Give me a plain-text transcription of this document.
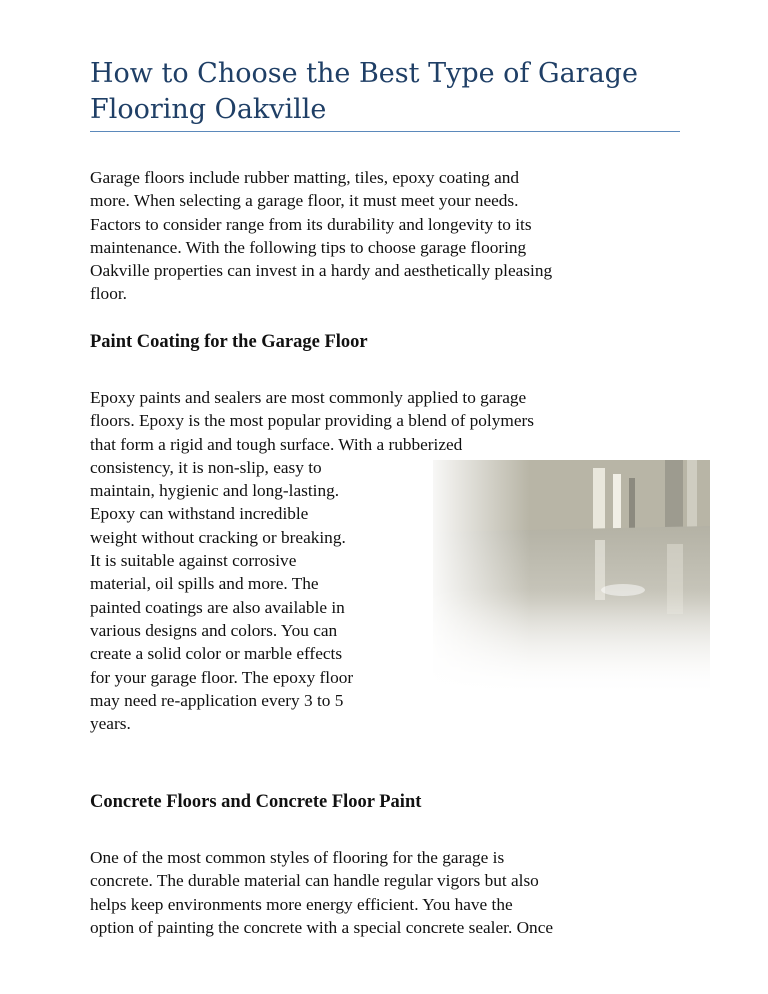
How to Choose the Best Type of Garage
Flooring Oakville

Garage floors include rubber matting, tiles, epoxy coating and
more. When selecting a garage floor, it must meet your needs.
Factors to consider range from its durability and longevity to its
maintenance. With the following tips to choose garage flooring
Oakville properties can invest in a hardy and aesthetically pleasing
floor.

Paint Coating for the Garage Floor

Epoxy paints and sealers are most commonly applied to garage
floors. Epoxy is the most popular providing a blend of polymers
that form a rigid and tough surface. With a rubberized
consistency, it is non-slip, easy to
maintain, hygienic and long-lasting.
Epoxy can withstand incredible
weight without cracking or breaking.
It is suitable against corrosive
material, oil spills and more. The
painted coatings are also available in
various designs and colors. You can
create a solid color or marble effects
for your garage floor. The epoxy floor
may need re-application every 3 to 5
years.

Concrete Floors and Concrete Floor Paint

One of the most common styles of flooring for the garage is
concrete. The durable material can handle regular vigors but also
helps keep environments more energy efficient. You have the
option of painting the concrete with a special concrete sealer. Once
